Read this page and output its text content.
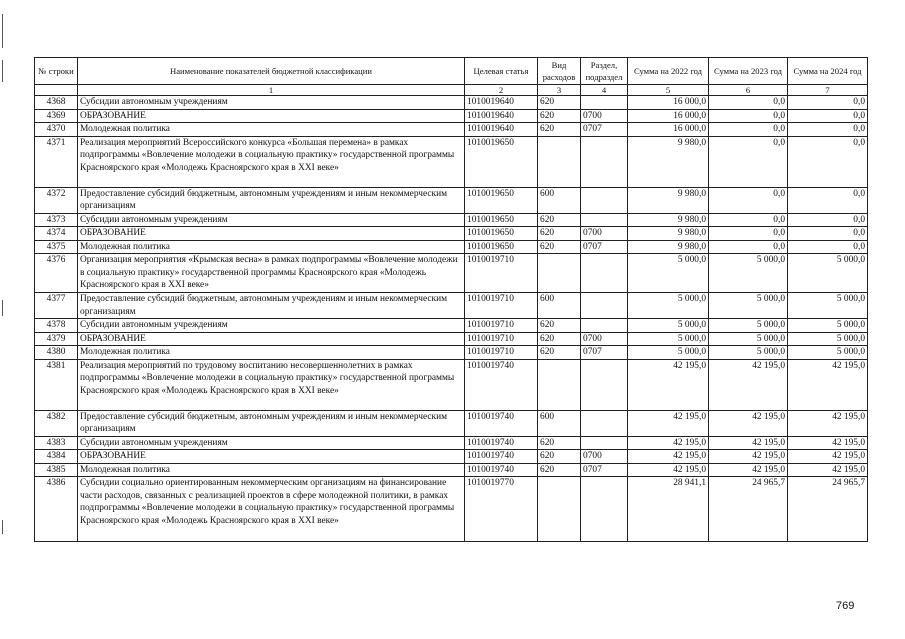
№ строки	Наименование показателей бюджетной классификации	Целевая статья	Вид расходов	Раздел, подраздел	Сумма на 2022 год	Сумма на 2023 год	Сумма на 2024 год
	1	2	3	4	5	6	7
4368	Субсидии автономным учреждениям	1010019640	620		16 000,0	0,0	0,0
4369	ОБРАЗОВАНИЕ	1010019640	620	0700	16 000,0	0,0	0,0
4370	Молодежная политика	1010019640	620	0707	16 000,0	0,0	0,0
4371	Реализация мероприятий Всероссийского конкурса «Большая перемена» в рамках подпрограммы «Вовлечение молодежи в социальную практику» государственной программы Красноярского края «Молодежь Красноярского края в XXI веке»	1010019650			9 980,0	0,0	0,0
4372	Предоставление субсидий бюджетным, автономным учреждениям и иным некоммерческим организациям	1010019650	600		9 980,0	0,0	0,0
4373	Субсидии автономным учреждениям	1010019650	620		9 980,0	0,0	0,0
4374	ОБРАЗОВАНИЕ	1010019650	620	0700	9 980,0	0,0	0,0
4375	Молодежная политика	1010019650	620	0707	9 980,0	0,0	0,0
4376	Организация мероприятия «Крымская весна» в рамках подпрограммы «Вовлечение молодежи в социальную практику» государственной программы Красноярского края «Молодежь Красноярского края в XXI веке»	1010019710			5 000,0	5 000,0	5 000,0
4377	Предоставление субсидий бюджетным, автономным учреждениям и иным некоммерческим организациям	1010019710	600		5 000,0	5 000,0	5 000,0
4378	Субсидии автономным учреждениям	1010019710	620		5 000,0	5 000,0	5 000,0
4379	ОБРАЗОВАНИЕ	1010019710	620	0700	5 000,0	5 000,0	5 000,0
4380	Молодежная политика	1010019710	620	0707	5 000,0	5 000,0	5 000,0
4381	Реализация мероприятий по трудовому воспитанию несовершеннолетних в рамках подпрограммы «Вовлечение молодежи в социальную практику» государственной программы Красноярского края «Молодежь Красноярского края в XXI веке»	1010019740			42 195,0	42 195,0	42 195,0
4382	Предоставление субсидий бюджетным, автономным учреждениям и иным некоммерческим организациям	1010019740	600		42 195,0	42 195,0	42 195,0
4383	Субсидии автономным учреждениям	1010019740	620		42 195,0	42 195,0	42 195,0
4384	ОБРАЗОВАНИЕ	1010019740	620	0700	42 195,0	42 195,0	42 195,0
4385	Молодежная политика	1010019740	620	0707	42 195,0	42 195,0	42 195,0
4386	Субсидии социально ориентированным некоммерческим организациям на финансирование части расходов, связанных с реализацией проектов в сфере молодежной политики, в рамках подпрограммы «Вовлечение молодежи в социальную практику» государственной программы Красноярского края «Молодежь Красноярского края в XXI веке»	1010019770			28 941,1	24 965,7	24 965,7
769
